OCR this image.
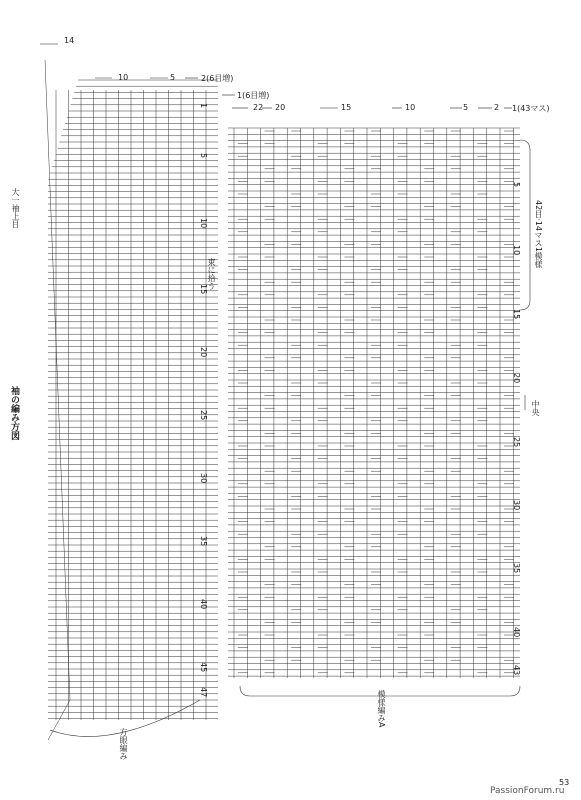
14
10	5	2(6目増)
1(6目増)
22 20	15	10	5	2 1(43マス)
大一袖上目
袖の編み方図
束に拾う
中央
42目·14マス1模様
方眼編み
模様編みA
5
10
15
20
25
30
35
40
45
47
5
10
15
20
25
30
35
40
43
1
53
PassionForum.ru
